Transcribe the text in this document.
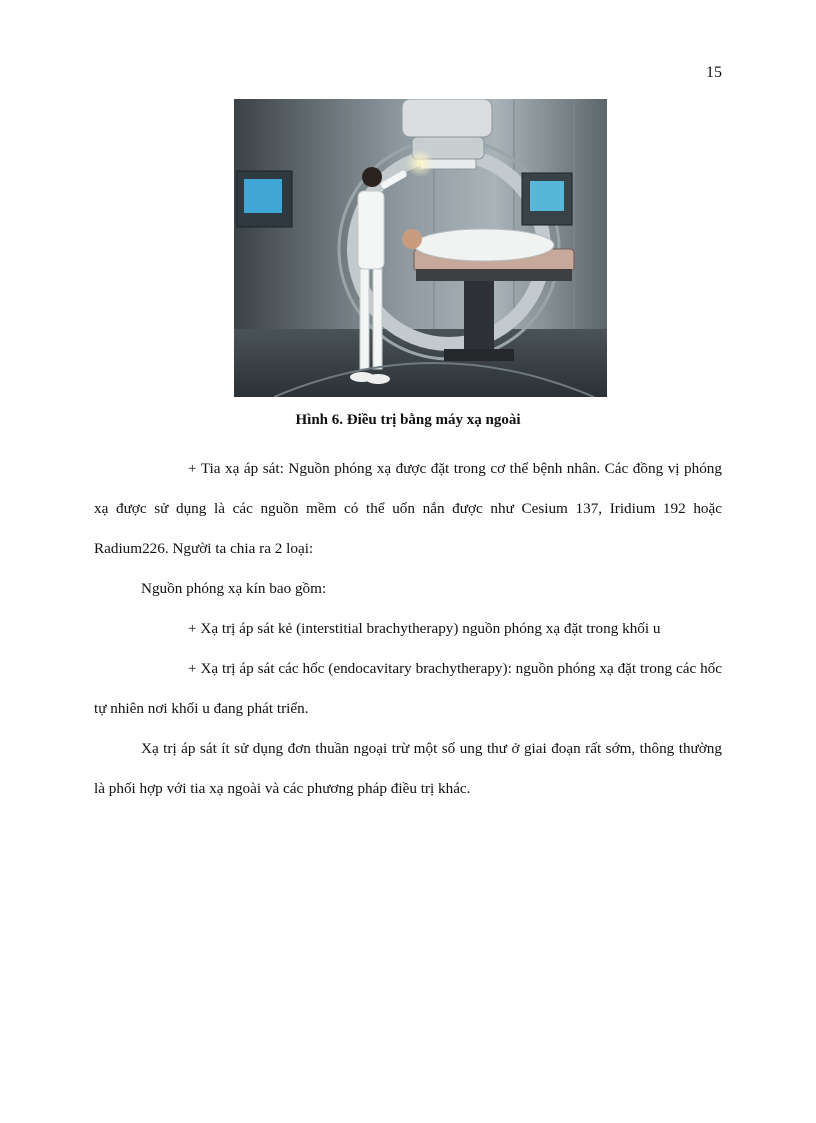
15
Hình 6. Điều trị bằng máy xạ ngoài

+ Tia xạ áp sát: Nguồn phóng xạ được đặt trong cơ thể bệnh nhân. Các đồng vị phóng xạ được sử dụng là các nguồn mềm có thể uốn nắn được như Cesium 137, Iridium 192 hoặc Radium226. Người ta chia ra 2 loại:

Nguồn phóng xạ kín bao gồm:

+ Xạ trị áp sát kẻ (interstitial brachytherapy) nguồn phóng xạ đặt trong khối u

+ Xạ trị áp sát các hốc (endocavitary brachytherapy): nguồn phóng xạ đặt trong các hốc tự nhiên nơi khối u đang phát triển.

Xạ trị áp sát ít sử dụng đơn thuần ngoại trừ một số ung thư ở giai đoạn rất sớm, thông thường là phối hợp với tia xạ ngoài và các phương pháp điều trị khác.
